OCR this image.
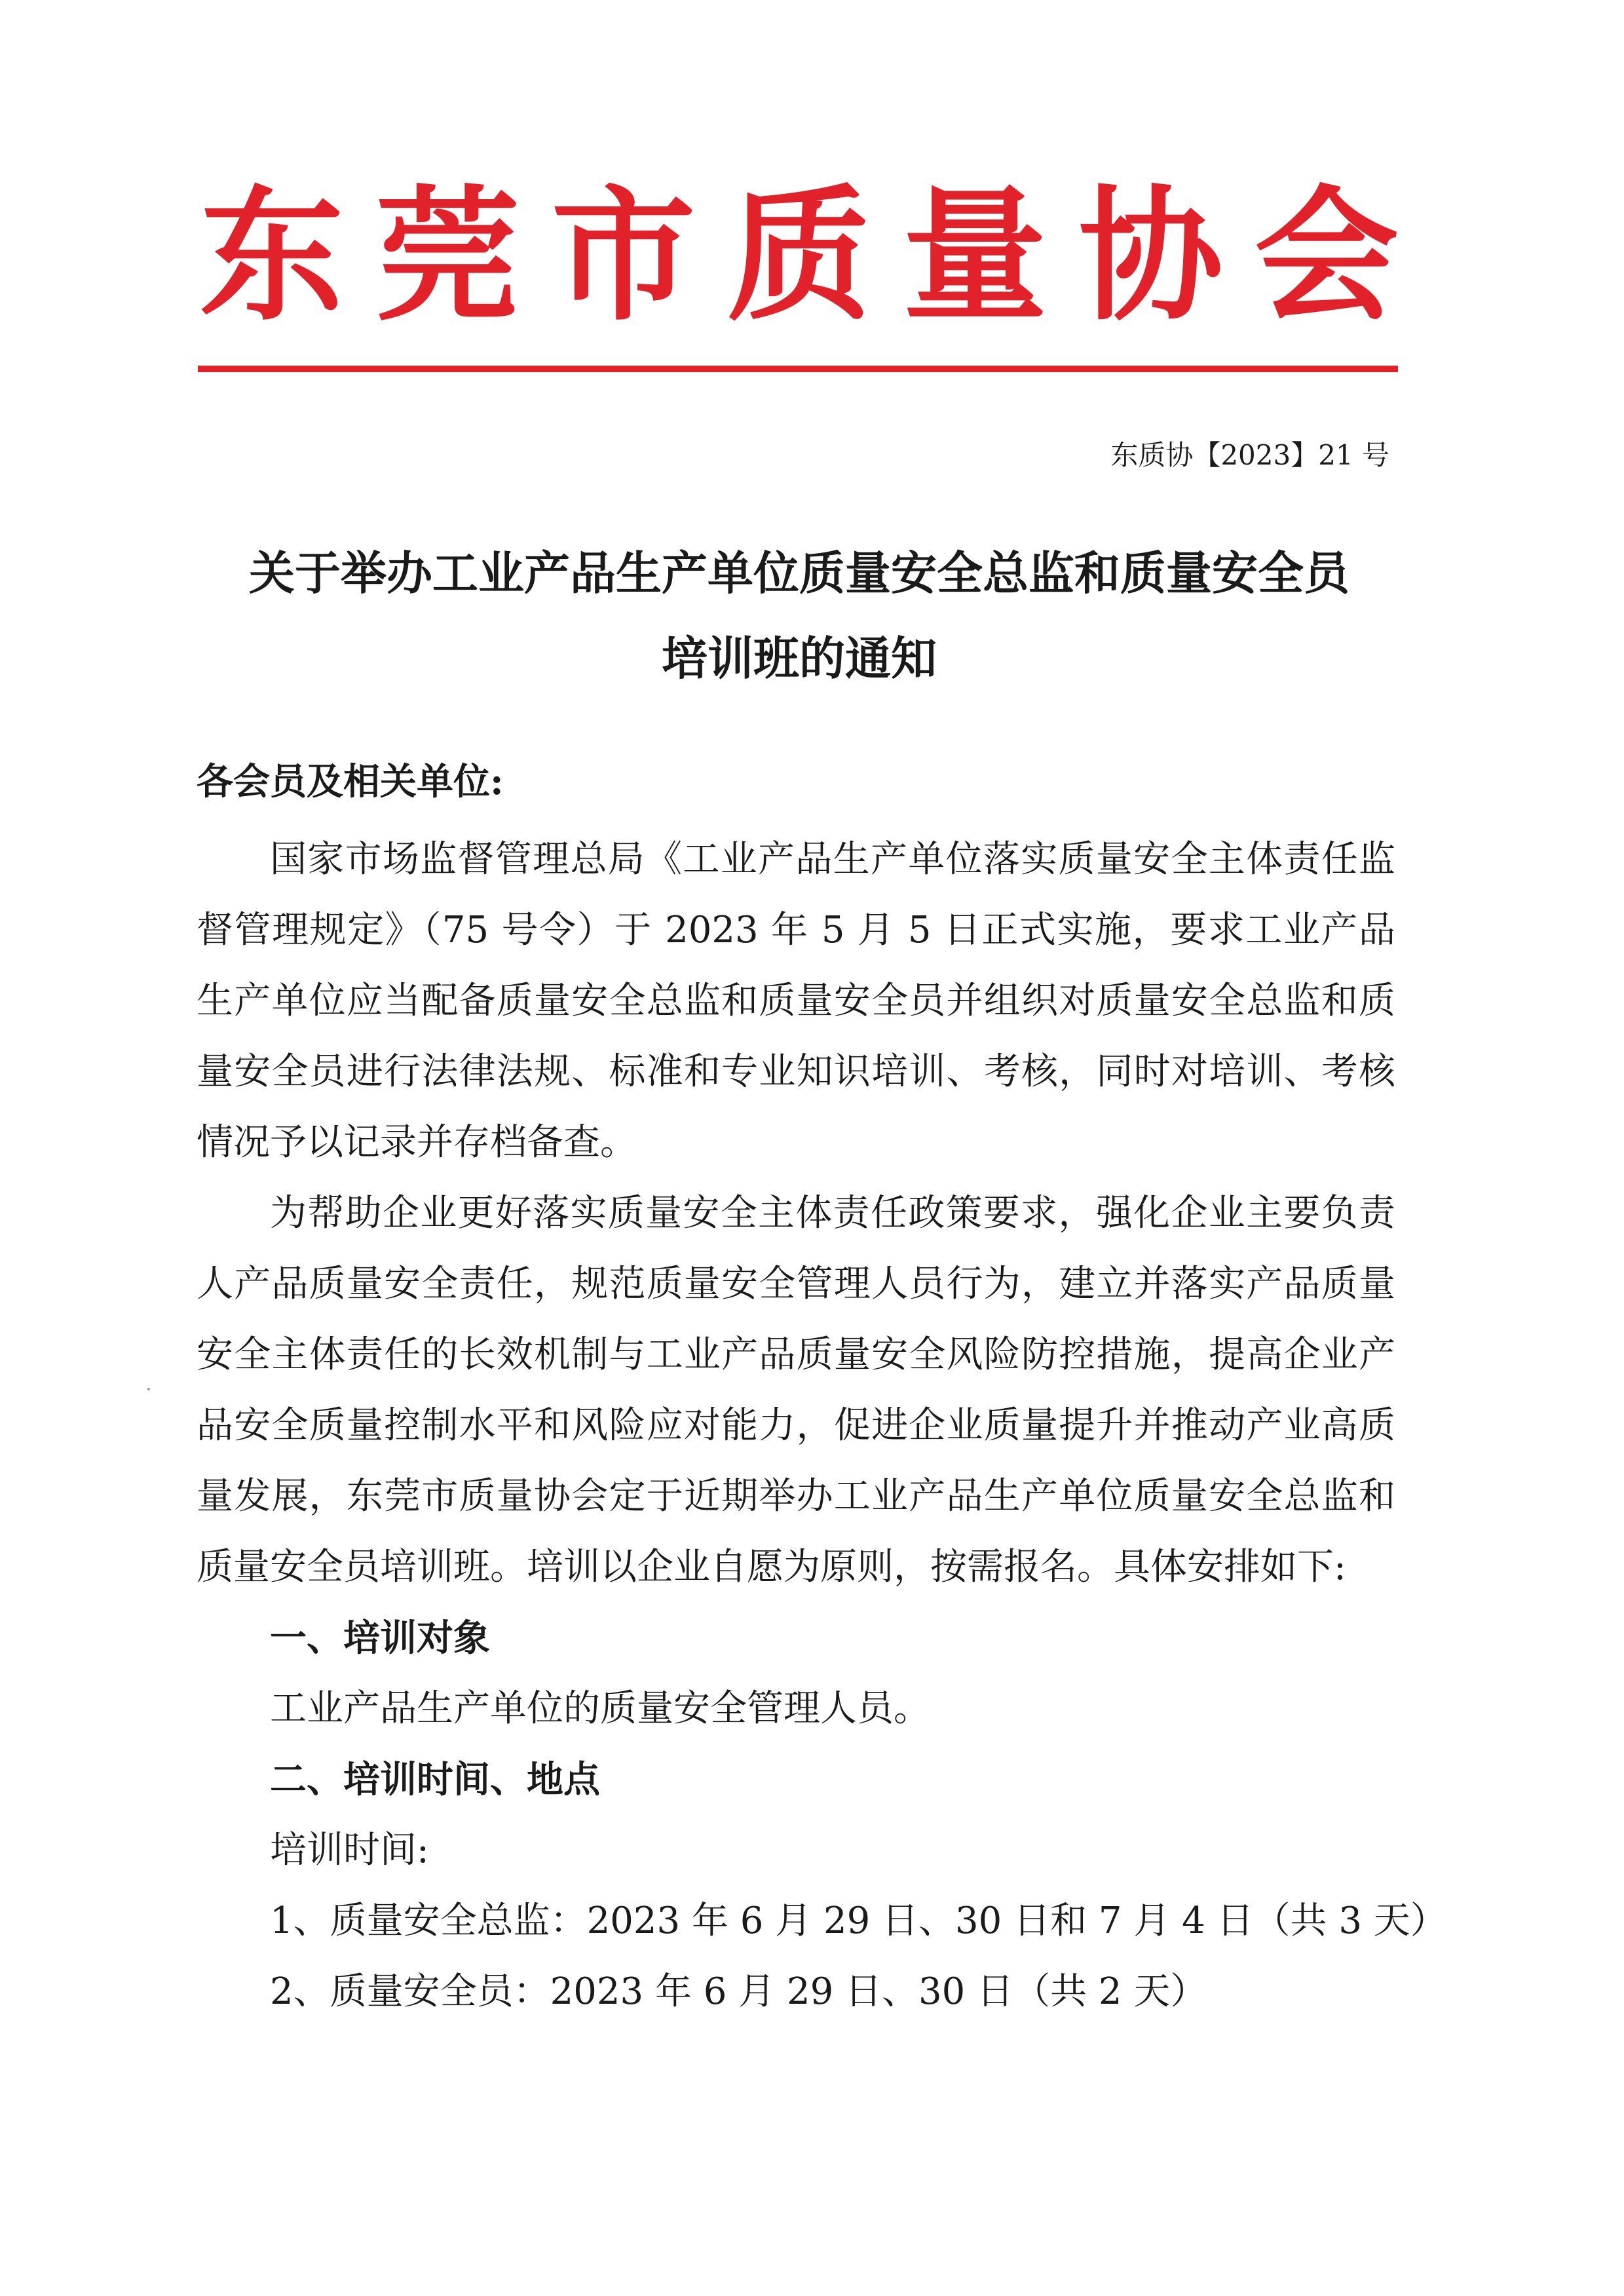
东 莞 市 质 量 协 会
东质协【2023】21 号
关于举办工业产品生产单位质量安全总监和质量安全员
培训班的通知
各会员及相关单位:

国家市场监督管理总局《工业产品生产单位落实质量安全主体责任监督管理规定》（75 号令）于 2023 年 5 月 5 日正式实施，要求工业产品生产单位应当配备质量安全总监和质量安全员并组织对质量安全总监和质量安全员进行法律法规、标准和专业知识培训、考核，同时对培训、考核情况予以记录并存档备查。

为帮助企业更好落实质量安全主体责任政策要求，强化企业主要负责人产品质量安全责任，规范质量安全管理人员行为，建立并落实产品质量安全主体责任的长效机制与工业产品质量安全风险防控措施，提高企业产品安全质量控制水平和风险应对能力，促进企业质量提升并推动产业高质量发展，东莞市质量协会定于近期举办工业产品生产单位质量安全总监和质量安全员培训班。培训以企业自愿为原则，按需报名。具体安排如下:

一、培训对象

工业产品生产单位的质量安全管理人员。

二、培训时间、地点

培训时间:

1、质量安全总监：2023 年 6 月 29 日、30 日和 7 月 4 日（共 3 天）

2、质量安全员：2023 年 6 月 29 日、30 日（共 2 天）
